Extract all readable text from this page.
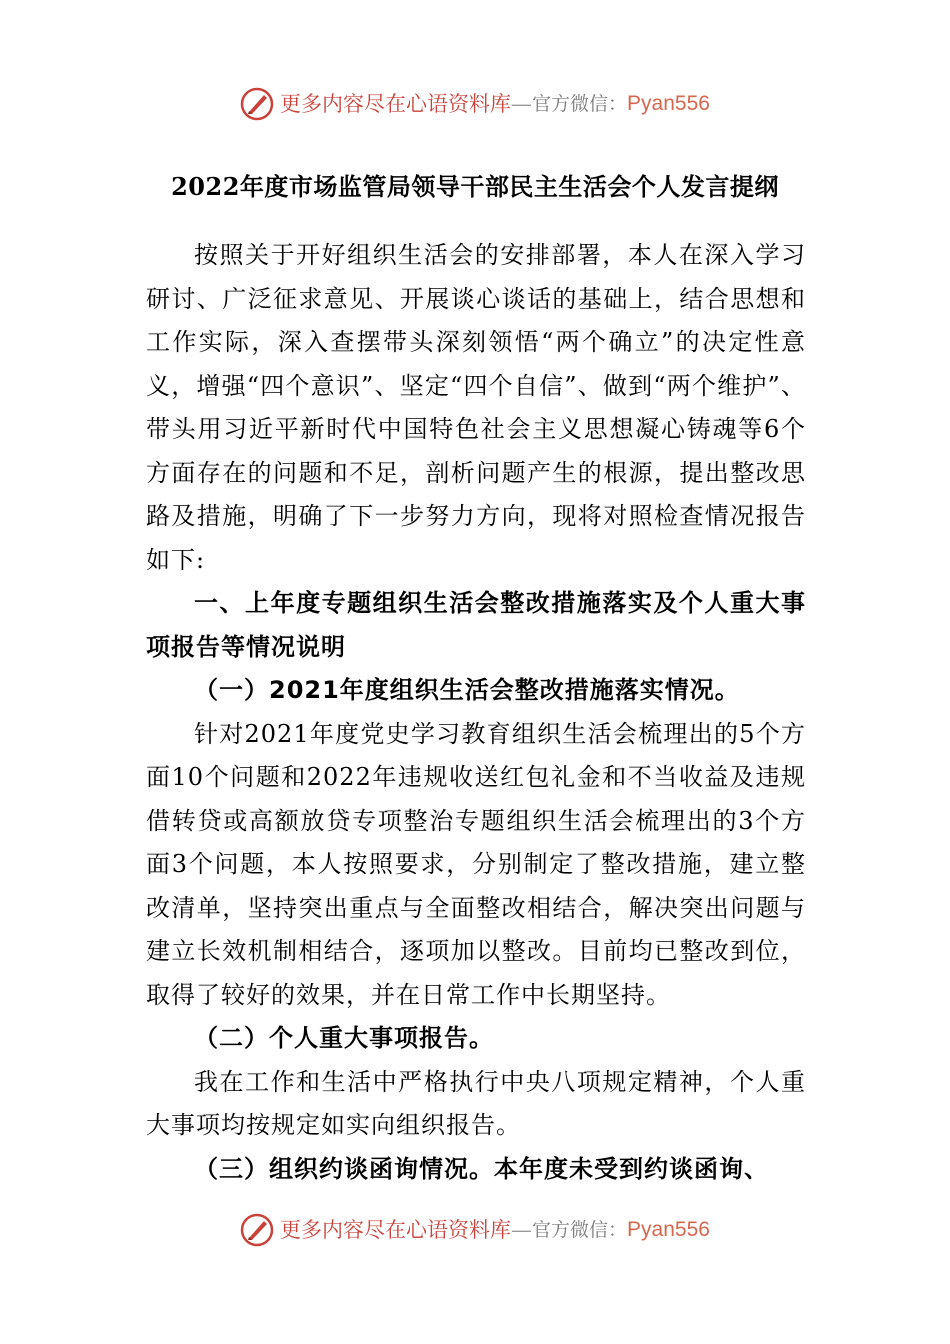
更多内容尽在心语资料库 — 官方微信： Pyan556
2022年度市场监管局领导干部民主生活会个人发言提纲

按照关于开好组织生活会的安排部署，本人在深入学习研讨、广泛征求意见、开展谈心谈话的基础上，结合思想和工作实际，深入查摆带头深刻领悟“两个确立”的决定性意义，增强“四个意识”、坚定“四个自信”、做到“两个维护”、带头用习近平新时代中国特色社会主义思想凝心铸魂等6个方面存在的问题和不足，剖析问题产生的根源，提出整改思路及措施，明确了下一步努力方向，现将对照检查情况报告如下:

一、上年度专题组织生活会整改措施落实及个人重大事项报告等情况说明

（一）2021年度组织生活会整改措施落实情况。

针对2021年度党史学习教育组织生活会梳理出的5个方面10个问题和2022年违规收送红包礼金和不当收益及违规借转贷或高额放贷专项整治专题组织生活会梳理出的3个方面3个问题，本人按照要求，分别制定了整改措施，建立整改清单，坚持突出重点与全面整改相结合，解决突出问题与建立长效机制相结合，逐项加以整改。目前均已整改到位，取得了较好的效果，并在日常工作中长期坚持。

（二）个人重大事项报告。

我在工作和生活中严格执行中央八项规定精神，个人重大事项均按规定如实向组织报告。

（三）组织约谈函询情况。本年度未受到约谈函询、

更多内容尽在心语资料库 — 官方微信： Pyan556
